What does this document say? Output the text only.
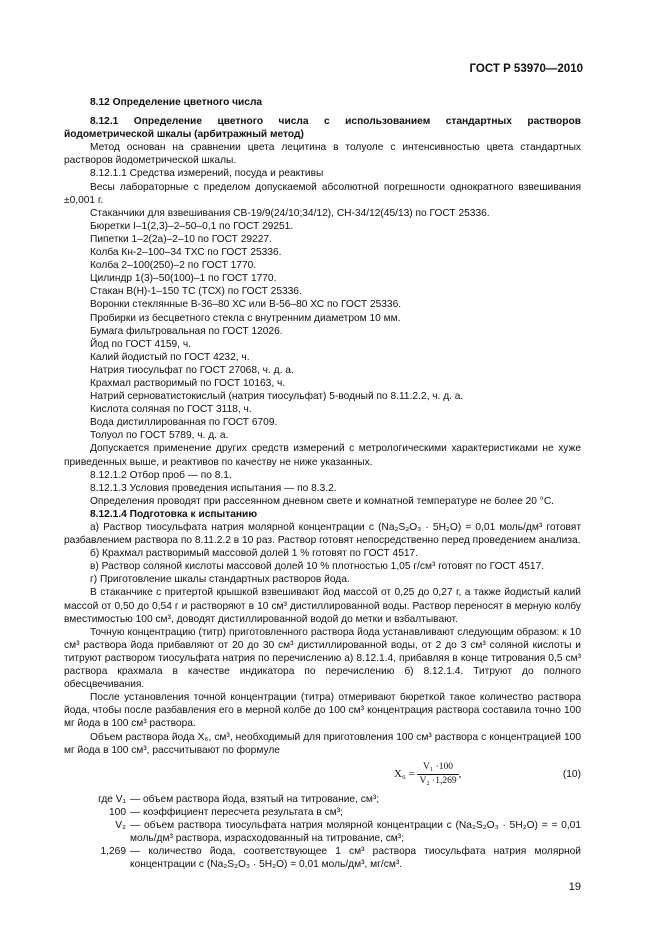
ГОСТ Р 53970—2010

8.12 Определение цветного числа

8.12.1 Определение цветного числа с использованием стандартных растворов йодометрической шкалы (арбитражный метод)

Метод основан на сравнении цвета лецитина в толуоле с интенсивностью цвета стандартных растворов йодометрической шкалы.

8.12.1.1 Средства измерений, посуда и реактивы

Весы лабораторные с пределом допускаемой абсолютной погрешности однократного взвешивания ±0,001 г.

Стаканчики для взвешивания СВ-19/9(24/10;34/12), СН-34/12(45/13) по ГОСТ 25336.

Бюретки I–1(2,3)–2–50–0,1 по ГОСТ 29251.

Пипетки 1–2(2а)–2–10 по ГОСТ 29227.

Колба Кн-2–100–34 ТХС по ГОСТ 25336.

Колба 2–100(250)–2 по ГОСТ 1770.

Цилиндр 1(3)–50(100)–1 по ГОСТ 1770.

Стакан В(Н)-1–150 ТС (ТСХ) по ГОСТ 25336.

Воронки стеклянные В-36–80 ХС или В-56–80 ХС по ГОСТ 25336.

Пробирки из бесцветного стекла с внутренним диаметром 10 мм.

Бумага фильтровальная по ГОСТ 12026.

Йод по ГОСТ 4159, ч.

Калий йодистый по ГОСТ 4232, ч.

Натрия тиосульфат по ГОСТ 27068, ч. д. а.

Крахмал растворимый по ГОСТ 10163, ч.

Натрий серноватистокислый (натрия тиосульфат) 5-водный по 8.11.2.2, ч. д. а.

Кислота соляная по ГОСТ 3118, ч.

Вода дистиллированная по ГОСТ 6709.

Толуол по ГОСТ 5789, ч. д. а.

Допускается применение других средств измерений с метрологическими характеристиками не хуже приведенных выше, и реактивов по качеству не ниже указанных.

8.12.1.2 Отбор проб — по 8.1.

8.12.1.3 Условия проведения испытания — по 8.3.2.

Определения проводят при рассеянном дневном свете и комнатной температуре не более 20 °С.

8.12.1.4 Подготовка к испытанию

а) Раствор тиосульфата натрия молярной концентрации c (Na₂S₂O₃ · 5H₂O) = 0,01 моль/дм³ готовят разбавлением раствора по 8.11.2.2 в 10 раз. Раствор готовят непосредственно перед проведением анализа.

б) Крахмал растворимый массовой долей 1 % готовят по ГОСТ 4517.

в) Раствор соляной кислоты массовой долей 10 % плотностью 1,05 г/см³ готовят по ГОСТ 4517.

г) Приготовление шкалы стандартных растворов йода.

В стаканчике с притертой крышкой взвешивают йод массой от 0,25 до 0,27 г, а также йодистый калий массой от 0,50 до 0,54 г и растворяют в 10 см³ дистиллированной воды. Раствор переносят в мерную колбу вместимостью 100 см³, доводят дистиллированной водой до метки и взбалтывают.

Точную концентрацию (титр) приготовленного раствора йода устанавливают следующим образом: к 10 см³ раствора йода прибавляют от 20 до 30 см³ дистиллированной воды, от 2 до 3 см³ соляной кислоты и титруют раствором тиосульфата натрия по перечислению а) 8.12.1.4, прибавляя в конце титрования 0,5 см³ раствора крахмала в качестве индикатора по перечислению б) 8.12.1.4. Титруют до полного обесцвечивания.

После установления точной концентрации (титра) отмеривают бюреткой такое количество раствора йода, чтобы после разбавления его в мерной колбе до 100 см³ концентрация раствора составила точно 100 мг йода в 100 см³ раствора.

Объем раствора йода X₆, см³, необходимый для приготовления 100 см³ раствора с концентрацией 100 мг йода в 100 см³, рассчитывают по формуле

$X_6 = \frac{\text{V₁ ·100}}{\text{V₂ ·1,269}}$ ,	(10)
где V₁ — объем раствора йода, взятый на титрование, см³;
100 — коэффициент пересчета результата в см³;
V₂ — объем раствора тиосульфата натрия молярной концентрации c (Na₂S₂O₃ · 5H₂O) = = 0,01 моль/дм³ раствора, израсходованный на титрование, см³;
1,269 — количество йода, соответствующее 1 см³ раствора тиосульфата натрия молярной концентрации c (Na₂S₂O₃ · 5H₂O) = 0,01 моль/дм³, мг/см³.
19
